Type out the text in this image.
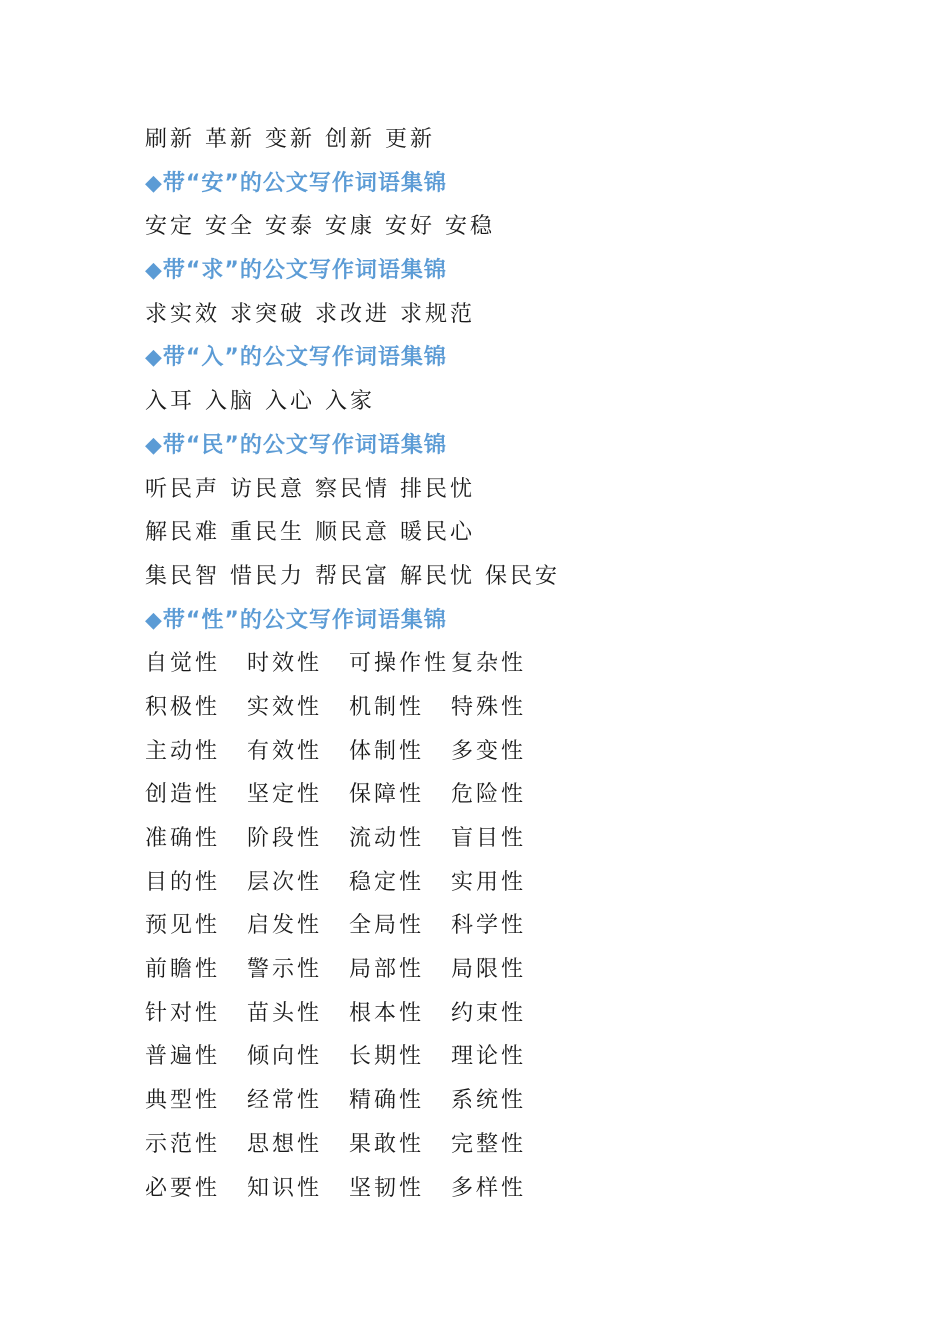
刷新 革新 变新 创新 更新
◆带“安”的公文写作词语集锦
安定 安全 安泰 安康 安好 安稳
◆带“求”的公文写作词语集锦
求实效 求突破 求改进 求规范
◆带“入”的公文写作词语集锦
入耳 入脑 入心 入家
◆带“民”的公文写作词语集锦
听民声 访民意 察民情 排民忧
解民难 重民生 顺民意 暖民心
集民智 惜民力 帮民富 解民忧 保民安
◆带“性”的公文写作词语集锦
自觉性	时效性	可操作性 复杂性
积极性	实效性	机制性	特殊性
主动性	有效性	体制性	多变性
创造性	坚定性	保障性	危险性
准确性	阶段性	流动性	盲目性
目的性	层次性	稳定性	实用性
预见性	启发性	全局性	科学性
前瞻性	警示性	局部性	局限性
针对性	苗头性	根本性	约束性
普遍性	倾向性	长期性	理论性
典型性	经常性	精确性	系统性
示范性	思想性	果敢性	完整性
必要性	知识性	坚韧性	多样性
